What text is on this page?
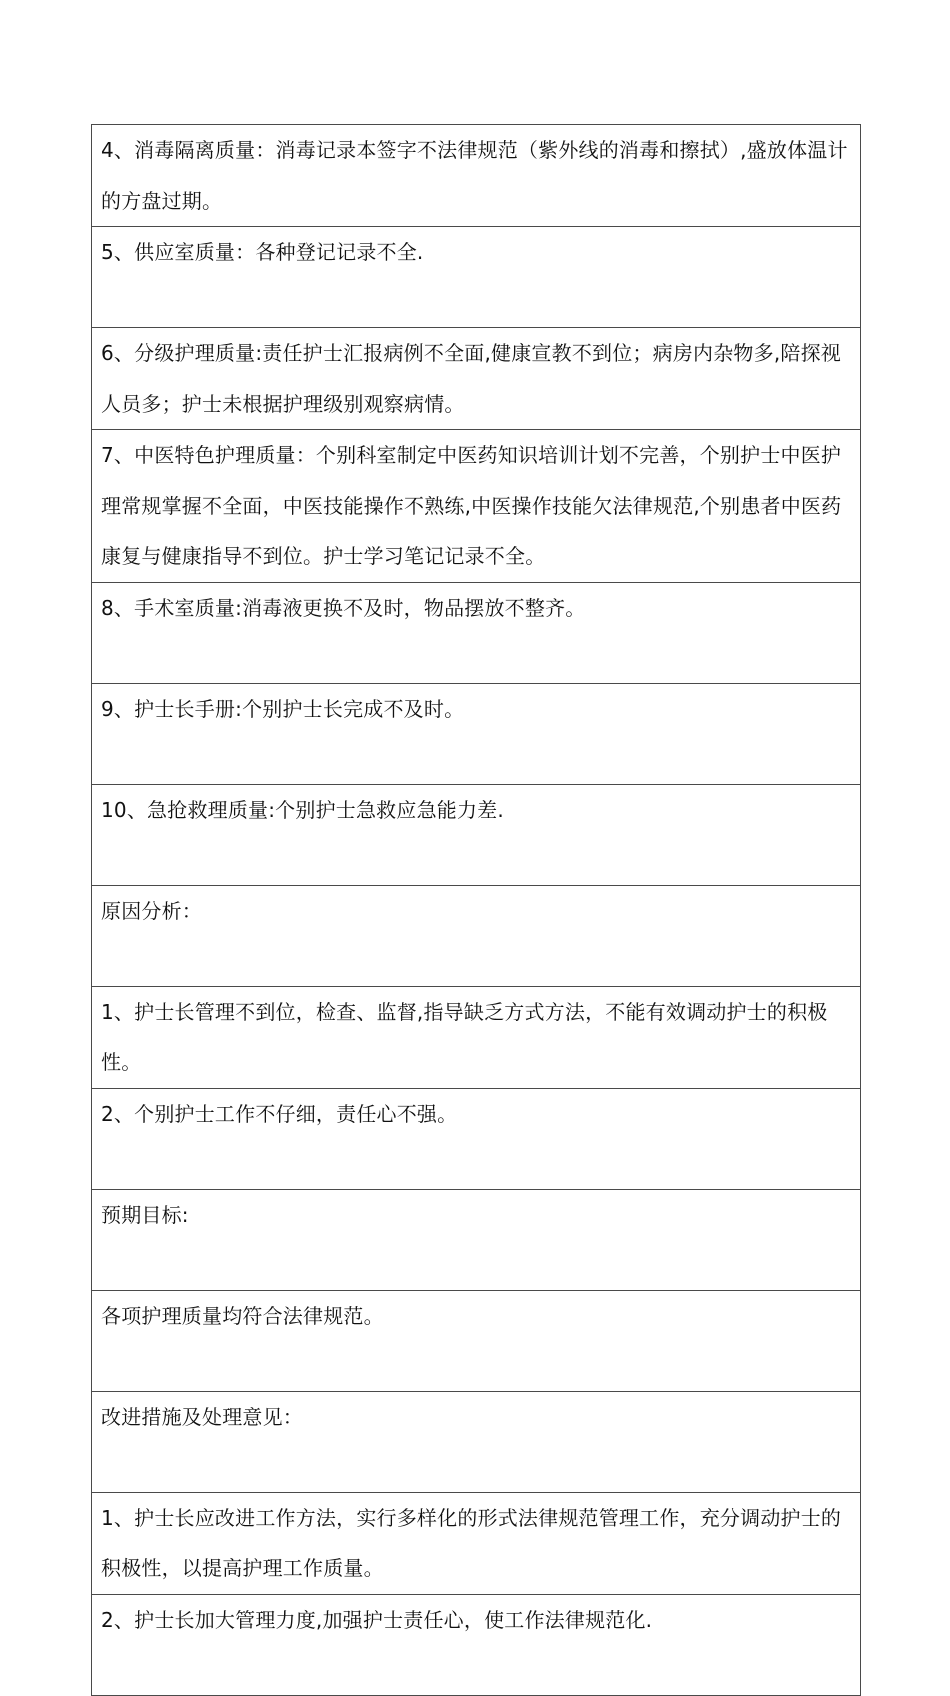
4、消毒隔离质量：消毒记录本签字不法律规范（紫外线的消毒和擦拭）,盛放体温计的方盘过期。
5、供应室质量：各种登记记录不全.
6、分级护理质量:责任护士汇报病例不全面,健康宣教不到位；病房内杂物多,陪探视人员多；护士未根据护理级别观察病情。
7、中医特色护理质量：个别科室制定中医药知识培训计划不完善，个别护士中医护理常规掌握不全面，中医技能操作不熟练,中医操作技能欠法律规范,个别患者中医药康复与健康指导不到位。护士学习笔记记录不全。
8、手术室质量:消毒液更换不及时，物品摆放不整齐。
9、护士长手册:个别护士长完成不及时。
10、急抢救理质量:个别护士急救应急能力差.
原因分析：
1、护士长管理不到位，检查、监督,指导缺乏方式方法，不能有效调动护士的积极性。
2、个别护士工作不仔细，责任心不强。
预期目标:
各项护理质量均符合法律规范。
改进措施及处理意见：
1、护士长应改进工作方法，实行多样化的形式法律规范管理工作，充分调动护士的积极性，以提高护理工作质量。
2、护士长加大管理力度,加强护士责任心，使工作法律规范化.
